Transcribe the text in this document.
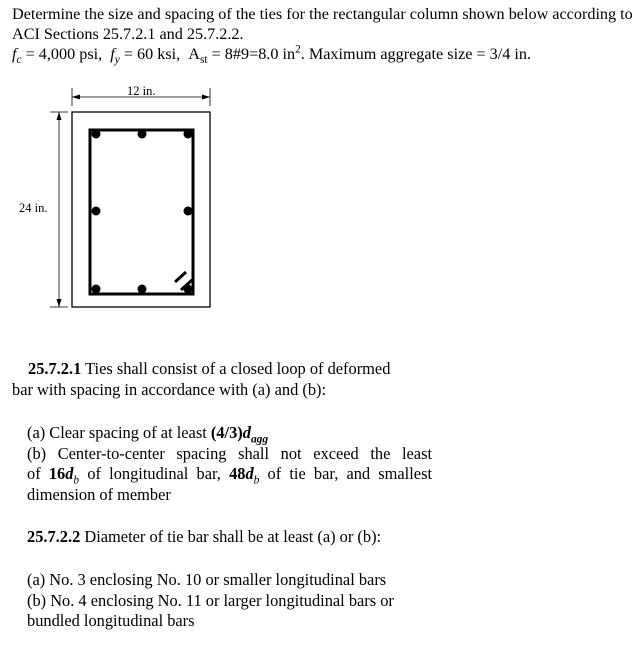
Determine the size and spacing of the ties for the rectangular column shown below according to
ACI Sections 25.7.2.1 and 25.7.2.2.
$f_c = 4,000$ psi, $f_y = 60$ ksi, $A_{st}$ = 8#9=8.0 $in^2$. Maximum aggregate size = 3/4 in.
12 in.
24 in.
25.7.2.1 Ties shall consist of a closed loop of deformed
bar with spacing in accordance with (a) and (b):
(a) Clear spacing of at least $(4/3)d_{agg}$
(b) Center-to-center spacing shall not exceed the least
of $16d_b$ of longitudinal bar, $48d_b$ of tie bar, and smallest
dimension of member
25.7.2.2 Diameter of tie bar shall be at least (a) or (b):
(a) No. 3 enclosing No. 10 or smaller longitudinal bars
(b) No. 4 enclosing No. 11 or larger longitudinal bars or
bundled longitudinal bars
